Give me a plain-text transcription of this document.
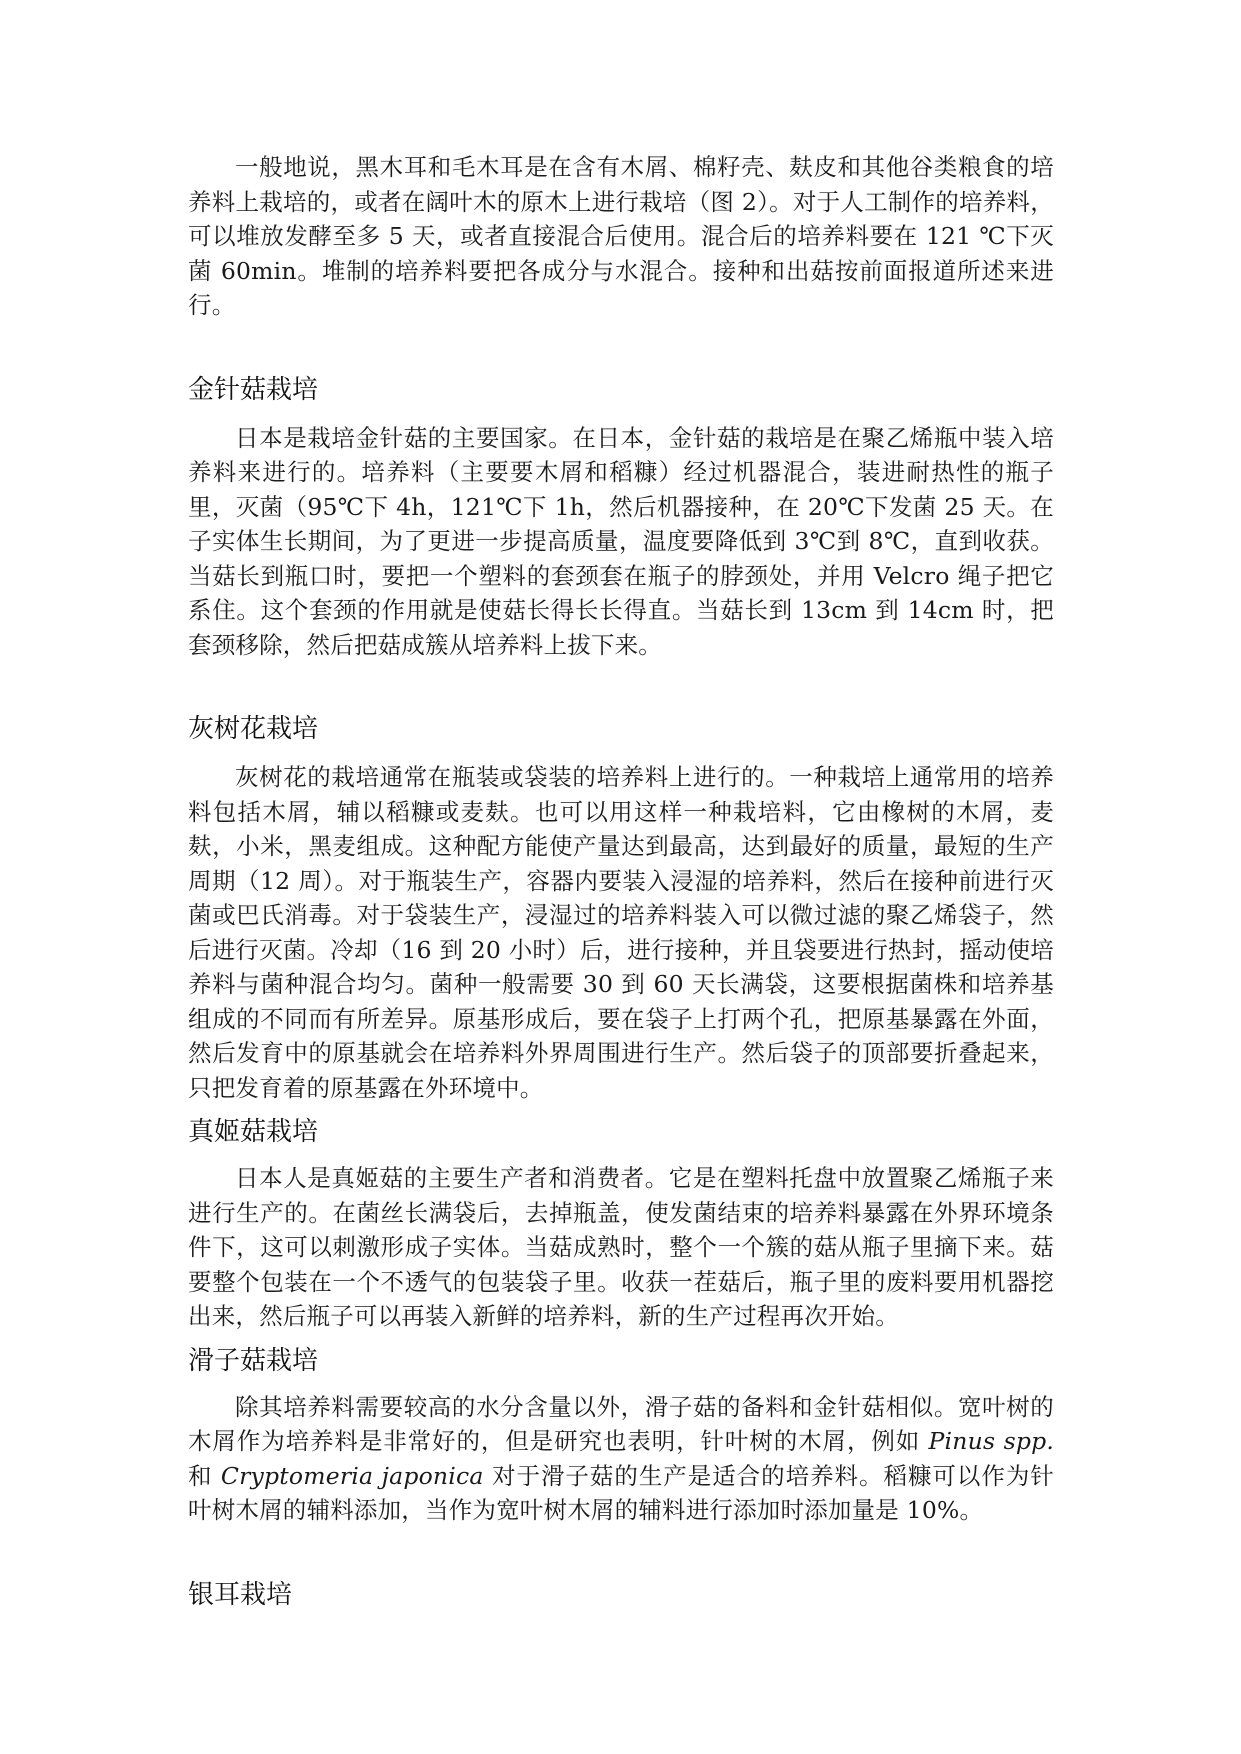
一般地说，黑木耳和毛木耳是在含有木屑、棉籽壳、麸皮和其他谷类粮食的培养料上栽培的，或者在阔叶木的原木上进行栽培（图 2）。对于人工制作的培养料，可以堆放发酵至多 5 天，或者直接混合后使用。混合后的培养料要在 121 ℃下灭菌 60min。堆制的培养料要把各成分与水混合。接种和出菇按前面报道所述来进行。

金针菇栽培

日本是栽培金针菇的主要国家。在日本，金针菇的栽培是在聚乙烯瓶中装入培养料来进行的。培养料（主要要木屑和稻糠）经过机器混合，装进耐热性的瓶子里，灭菌（95℃下 4h，121℃下 1h，然后机器接种，在 20℃下发菌 25 天。在子实体生长期间，为了更进一步提高质量，温度要降低到 3℃到 8℃，直到收获。当菇长到瓶口时，要把一个塑料的套颈套在瓶子的脖颈处，并用 Velcro 绳子把它系住。这个套颈的作用就是使菇长得长长得直。当菇长到 13cm 到 14cm 时，把套颈移除，然后把菇成簇从培养料上拔下来。

灰树花栽培

灰树花的栽培通常在瓶装或袋装的培养料上进行的。一种栽培上通常用的培养料包括木屑，辅以稻糠或麦麸。也可以用这样一种栽培料，它由橡树的木屑，麦麸，小米，黑麦组成。这种配方能使产量达到最高，达到最好的质量，最短的生产周期（12 周）。对于瓶装生产，容器内要装入浸湿的培养料，然后在接种前进行灭菌或巴氏消毒。对于袋装生产，浸湿过的培养料装入可以微过滤的聚乙烯袋子，然后进行灭菌。冷却（16 到 20 小时）后，进行接种，并且袋要进行热封，摇动使培养料与菌种混合均匀。菌种一般需要 30 到 60 天长满袋，这要根据菌株和培养基组成的不同而有所差异。原基形成后，要在袋子上打两个孔，把原基暴露在外面，然后发育中的原基就会在培养料外界周围进行生产。然后袋子的顶部要折叠起来，只把发育着的原基露在外环境中。

真姬菇栽培

日本人是真姬菇的主要生产者和消费者。它是在塑料托盘中放置聚乙烯瓶子来进行生产的。在菌丝长满袋后，去掉瓶盖，使发菌结束的培养料暴露在外界环境条件下，这可以刺激形成子实体。当菇成熟时，整个一个簇的菇从瓶子里摘下来。菇要整个包装在一个不透气的包装袋子里。收获一茬菇后，瓶子里的废料要用机器挖出来，然后瓶子可以再装入新鲜的培养料，新的生产过程再次开始。

滑子菇栽培

除其培养料需要较高的水分含量以外，滑子菇的备料和金针菇相似。宽叶树的木屑作为培养料是非常好的，但是研究也表明，针叶树的木屑，例如 Pinus spp. 和 Cryptomeria japonica 对于滑子菇的生产是适合的培养料。稻糠可以作为针叶树木屑的辅料添加，当作为宽叶树木屑的辅料进行添加时添加量是 10%。

银耳栽培
